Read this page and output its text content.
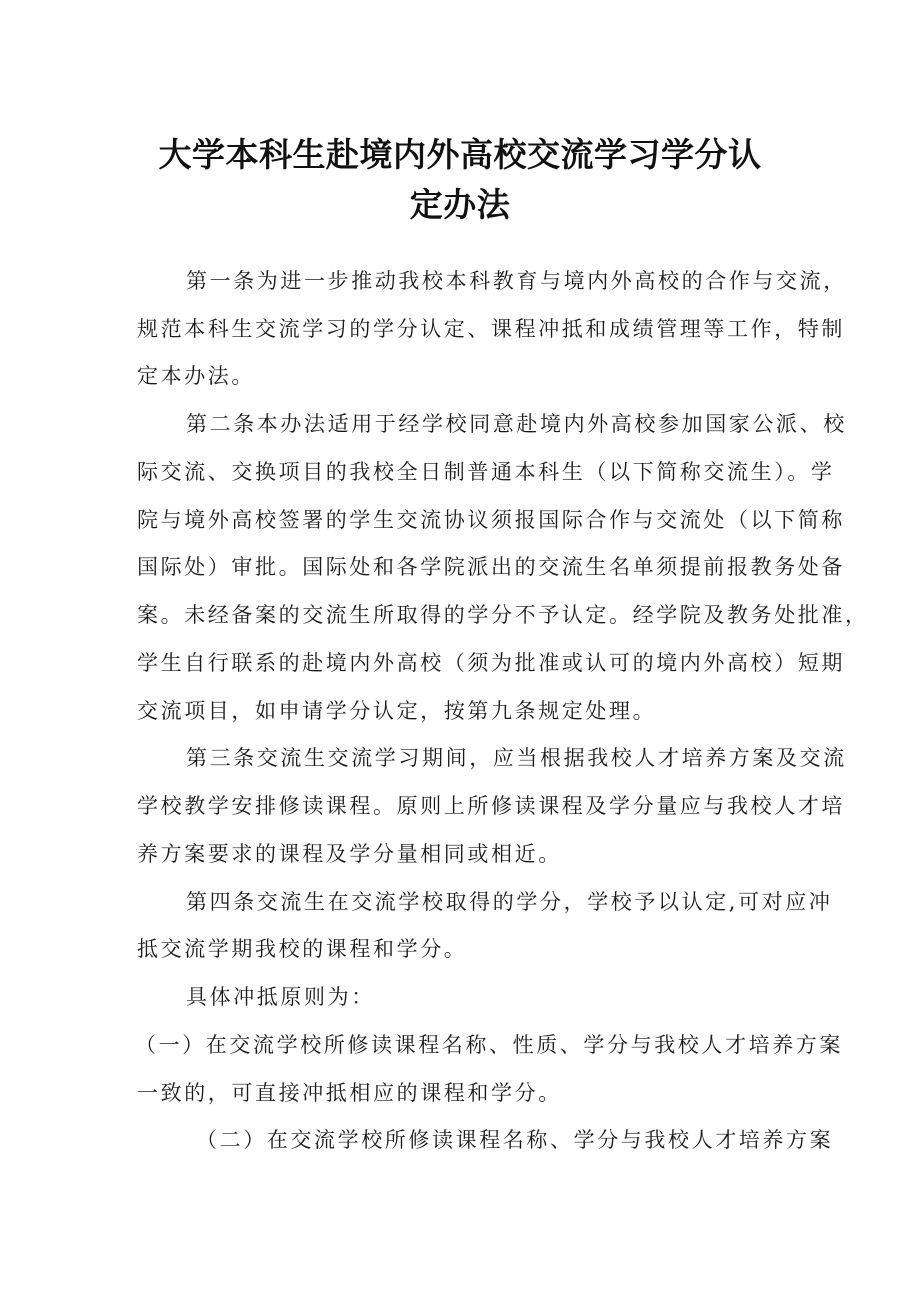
大学本科生赴境内外高校交流学习学分认
定办法
第一条为进一步推动我校本科教育与境内外高校的合作与交流，
规范本科生交流学习的学分认定、课程冲抵和成绩管理等工作，特制
定本办法。
第二条本办法适用于经学校同意赴境内外高校参加国家公派、校
际交流、交换项目的我校全日制普通本科生（以下简称交流生）。学
院与境外高校签署的学生交流协议须报国际合作与交流处（以下简称
国际处）审批。国际处和各学院派出的交流生名单须提前报教务处备
案。未经备案的交流生所取得的学分不予认定。经学院及教务处批准，
学生自行联系的赴境内外高校（须为批准或认可的境内外高校）短期
交流项目，如申请学分认定，按第九条规定处理。
第三条交流生交流学习期间，应当根据我校人才培养方案及交流
学校教学安排修读课程。原则上所修读课程及学分量应与我校人才培
养方案要求的课程及学分量相同或相近。
第四条交流生在交流学校取得的学分，学校予以认定,可对应冲
抵交流学期我校的课程和学分。
具体冲抵原则为：
（一）在交流学校所修读课程名称、性质、学分与我校人才培养方案
一致的，可直接冲抵相应的课程和学分。
（二）在交流学校所修读课程名称、学分与我校人才培养方案
